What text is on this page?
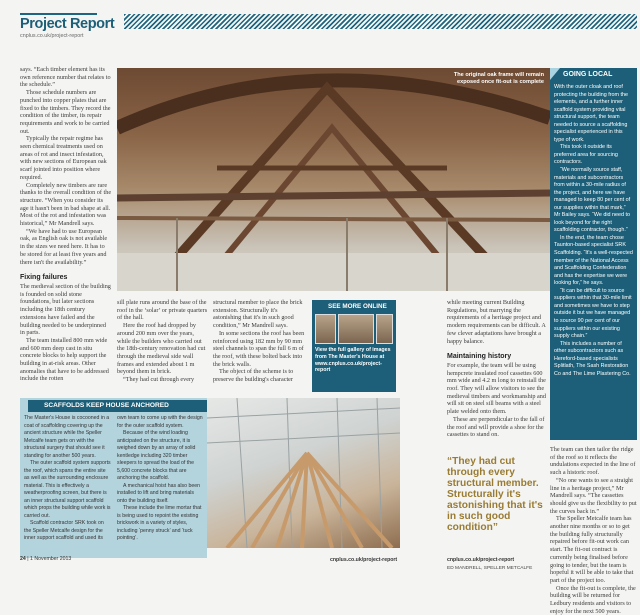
Project Report
cnplus.co.uk/project-report

says. “Each timber element has its own reference number that relates to the schedule.”

Those schedule numbers are punched into copper plates that are fixed to the timbers. They record the condition of the timber, its repair requirements and work to be carried out.

Typically the repair regime has seen chemical treatments used on areas of rot and insect infestation, with new sections of European oak scarf jointed into position where required.

Completely new timbers are rare thanks to the overall condition of the structure. “When you consider its age it hasn't been in bad shape at all. Most of the rot and infestation was historical,” Mr Mandrell says.

“We have had to use European oak, as English oak is not available in the sizes we need here. It has to be stored for at least five years and there isn't the availability.”

Fixing failures

The medieval section of the building is founded on solid stone foundations, but later sections including the 18th century extensions have failed and the building needed to be underpinned in parts.

The team installed 800 mm wide and 600 mm deep cast in situ concrete blocks to help support the building in at-risk areas. Other anomalies that have to be addressed include the rotten

The original oak frame will remain exposed once fit-out is complete
GOING LOCAL

With the outer cloak and roof protecting the building from the elements, and a further inner scaffold system providing vital structural support, the team needed to source a scaffolding specialist experienced in this type of work.

This took it outside its preferred area for sourcing contractors.

“We normally source staff, materials and subcontractors from within a 30-mile radius of the project, and here we have managed to keep 80 per cent of our supplies within that mark,” Mr Bailey says. “We did need to look beyond for the right scaffolding contractor, though.”

In the end, the team chose Taunton-based specialist SRK Scaffolding. “It's a well-respected member of the National Access and Scaffolding Confederation and has the expertise we were looking for,” he says.

“It can be difficult to source suppliers within that 30-mile limit and sometimes we have to step outside it but we have managed to source 90 per cent of our suppliers within our existing supply chain.”

This includes a number of other subcontractors such as Hereford-based specialists Splitlath, The Sash Restoration Co and The Lime Plastering Co.

sill plate runs around the base of the roof in the ‘solar’ or private quarters of the hall.

Here the roof had dropped by around 200 mm over the years, while the builders who carried out the 18th-century renovation had cut through the medieval side wall frames and extended about 1 m beyond them in brick.

“They had cut through every

structural member to place the brick extension. Structurally it's astonishing that it's in such good condition,” Mr Mandrell says.

In some sections the roof has been reinforced using 182 mm by 90 mm steel channels to span the full 6 m of the roof, with these bolted back into the brick walls.

The object of the scheme is to preserve the building's character

SEE MORE ONLINE
View the full gallery of images from The Master's House at
www.cnplus.co.uk/project-report

while meeting current Building Regulations, but marrying the requirements of a heritage project and modern requirements can be difficult. A few clever adaptations have brought a happy balance.

Maintaining history

For example, the team will be using hempcrete insulated roof cassettes 600 mm wide and 4.2 m long to reinstall the roof. They will allow visitors to see the medieval timbers and workmanship and will sit on steel sill beams with a steel plate welded onto them.

These are perpendicular to the fall of the roof and will provide a shoe for the cassettes to stand on.

“They had cut through every structural member. Structurally it's astonishing that it's in such good condition”
ED MANDRELL, SPELLER METCALFE

The team can then tailor the ridge of the roof so it reflects the undulations expected in the line of such a historic roof.

“No one wants to see a straight line in a heritage project,” Mr Mandrell says. “The cassettes should give us the flexibility to put the curves back in.”

The Speller Metcalfe team has another nine months or so to get the building fully structurally repaired before fit-out work can start. The fit-out contract is currently being finalised before going to tender, but the team is hopeful it will be able to take that part of the project too.

Once the fit-out is complete, the building will be returned for Ledbury residents and visitors to enjoy for the next 500 years.

SCAFFOLDS KEEP HOUSE ANCHORED

The Master's House is cocooned in a coat of scaffolding covering up the ancient structure while the Speller Metcalfe team gets on with the structural surgery that should see it standing for another 500 years.

The outer scaffold system supports the roof, which spans the entire site as well as the surrounding enclosure material. This is effectively a weatherproofing screen, but there is an inner structural support scaffold which props the building while work is carried out.

Scaffold contractor SRK took on the Speller Metcalfe design for the inner support scaffold and used its

own team to come up with the design for the outer scaffold system.

Because of the wind loading anticipated on the structure, it is weighed down by an array of solid kentledge including 320 timber sleepers to spread the load of the 5,600 concrete blocks that are anchoring the scaffold.

A mechanical hoist has also been installed to lift and bring materials onto the building itself.

These include the lime mortar that is being used to repoint the existing brickwork in a variety of styles, including ‘penny struck’ and ‘tuck pointing’.

24 | 1 November 2013	cnplus.co.uk/project-report	cnplus.co.uk/project-report
